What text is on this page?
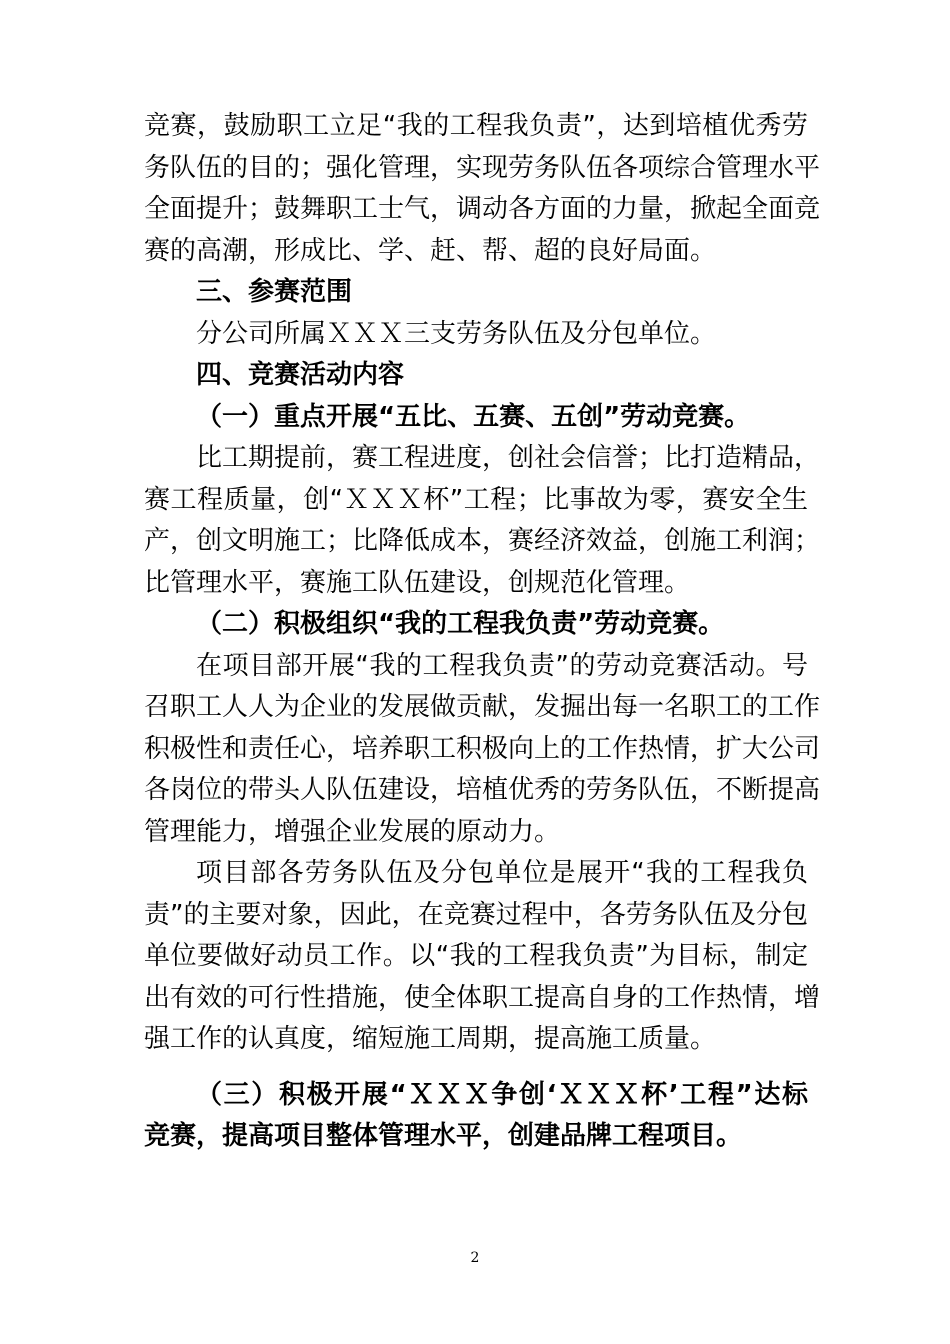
竞赛，鼓励职工立足“我的工程我负责”，达到培植优秀劳
务队伍的目的；强化管理，实现劳务队伍各项综合管理水平
全面提升；鼓舞职工士气，调动各方面的力量，掀起全面竞
赛的高潮，形成比、学、赶、帮、超的良好局面。
三、参赛范围
分公司所属ＸＸＸ三支劳务队伍及分包单位。
四、竞赛活动内容
（一）重点开展“五比、五赛、五创”劳动竞赛。
比工期提前，赛工程进度，创社会信誉；比打造精品，
赛工程质量，创“ＸＸＸ杯”工程；比事故为零，赛安全生
产，创文明施工；比降低成本，赛经济效益，创施工利润；
比管理水平，赛施工队伍建设，创规范化管理。
（二）积极组织“我的工程我负责”劳动竞赛。
在项目部开展“我的工程我负责”的劳动竞赛活动。号
召职工人人为企业的发展做贡献，发掘出每一名职工的工作
积极性和责任心，培养职工积极向上的工作热情，扩大公司
各岗位的带头人队伍建设，培植优秀的劳务队伍，不断提高
管理能力，增强企业发展的原动力。
项目部各劳务队伍及分包单位是展开“我的工程我负
责”的主要对象，因此，在竞赛过程中，各劳务队伍及分包
单位要做好动员工作。以“我的工程我负责”为目标，制定
出有效的可行性措施，使全体职工提高自身的工作热情，增
强工作的认真度，缩短施工周期，提高施工质量。
（三）积极开展“ＸＸＸ争创‘ＸＸＸ杯’工程”达标
竞赛，提高项目整体管理水平，创建品牌工程项目。
2
